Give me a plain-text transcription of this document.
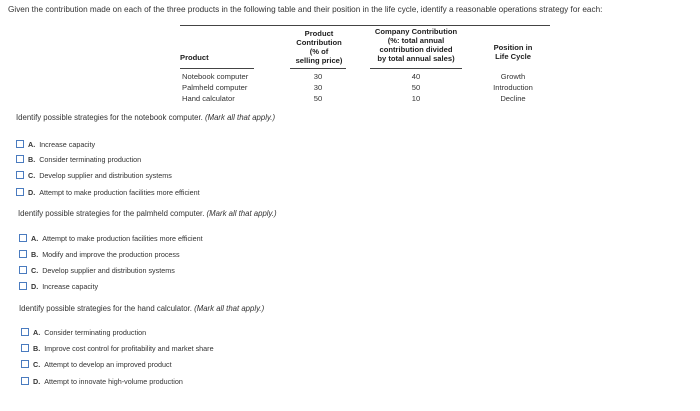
Given the contribution made on each of the three products in the following table and their position in the life cycle, identify a reasonable operations strategy for each:
Product
Product
Contribution
(% of
selling price)
Company Contribution
(%: total annual
contribution divided
by total annual sales)
Position in
Life Cycle
Notebook computer	30	40	Growth
Palmheld computer	30	50	Introduction
Hand calculator	50	10	Decline
Identify possible strategies for the notebook computer. (Mark all that apply.)
A. Increase capacity
B. Consider terminating production
C. Develop supplier and distribution systems
D. Attempt to make production facilities more efficient
Identify possible strategies for the palmheld computer. (Mark all that apply.)
A. Attempt to make production facilities more efficient
B. Modify and improve the production process
C. Develop supplier and distribution systems
D. Increase capacity
Identify possible strategies for the hand calculator. (Mark all that apply.)
A. Consider terminating production
B. Improve cost control for profitability and market share
C. Attempt to develop an improved product
D. Attempt to innovate high-volume production
